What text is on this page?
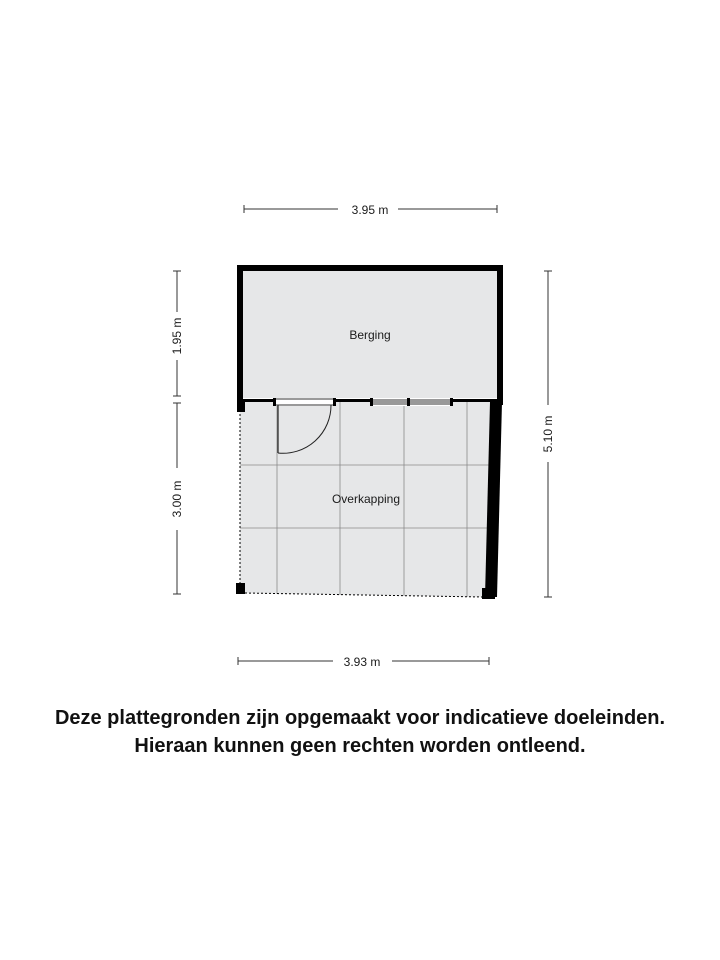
3.95 m
1.95 m
3.00 m
5.10 m
3.93 m
Berging
Overkapping
Deze plattegronden zijn opgemaakt voor indicatieve doeleinden.
Hieraan kunnen geen rechten worden ontleend.
